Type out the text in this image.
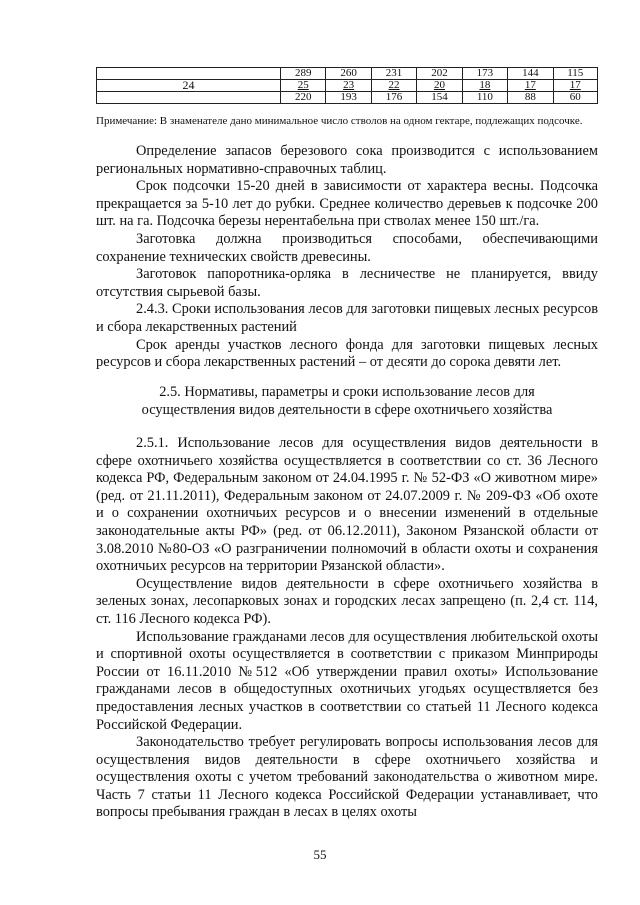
	289	260	231	202	173	144	115
24	25	23	22	20	18	17	17
	220	193	176	154	110	88	60

Примечание: В знаменателе дано минимальное число стволов на одном гектаре, подлежащих подсочке.

Определение запасов березового сока производится с использованием региональных нормативно-справочных таблиц.

Срок подсочки 15-20 дней в зависимости от характера весны. Подсочка прекращается за 5-10 лет до рубки. Среднее количество деревьев к подсочке 200 шт. на га. Подсочка березы нерентабельна при стволах менее 150 шт./га.

Заготовка должна производиться способами, обеспечивающими сохранение технических свойств древесины.

Заготовок папоротника-орляка в лесничестве не планируется, ввиду отсутствия сырьевой базы.

2.4.3. Сроки использования лесов для заготовки пищевых лесных ресурсов и сбора лекарственных растений

Срок аренды участков лесного фонда для заготовки пищевых лесных ресурсов и сбора лекарственных растений – от десяти до сорока девяти лет.

2.5. Нормативы, параметры и сроки использование лесов для
осуществления видов деятельности в сфере охотничьего хозяйства

2.5.1. Использование лесов для осуществления видов деятельности в сфере охотничьего хозяйства осуществляется в соответствии со ст. 36 Лесного кодекса РФ, Федеральным законом от 24.04.1995 г. № 52-ФЗ «О животном мире» (ред. от 21.11.2011), Федеральным законом от 24.07.2009 г. № 209-ФЗ «Об охоте и о сохранении охотничьих ресурсов и о внесении изменений в отдельные законодательные акты РФ» (ред. от 06.12.2011), Законом Рязанской области от 3.08.2010 №80-ОЗ «О разграничении полномочий в области охоты и сохранения охотничьих ресурсов на территории Рязанской области».

Осуществление видов деятельности в сфере охотничьего хозяйства в зеленых зонах, лесопарковых зонах и городских лесах запрещено (п. 2,4 ст. 114, ст. 116 Лесного кодекса РФ).

Использование гражданами лесов для осуществления любительской охоты и спортивной охоты осуществляется в соответствии с приказом Минприроды России от 16.11.2010 №512 «Об утверждении правил охоты» Использование гражданами лесов в общедоступных охотничьих угодьях осуществляется без предоставления лесных участков в соответствии со статьей 11 Лесного кодекса Российской Федерации.

Законодательство требует регулировать вопросы использования лесов для осуществления видов деятельности в сфере охотничьего хозяйства и осуществления охоты с учетом требований законодательства о животном мире. Часть 7 статьи 11 Лесного кодекса Российской Федерации устанавливает, что вопросы пребывания граждан в лесах в целях охоты

55
